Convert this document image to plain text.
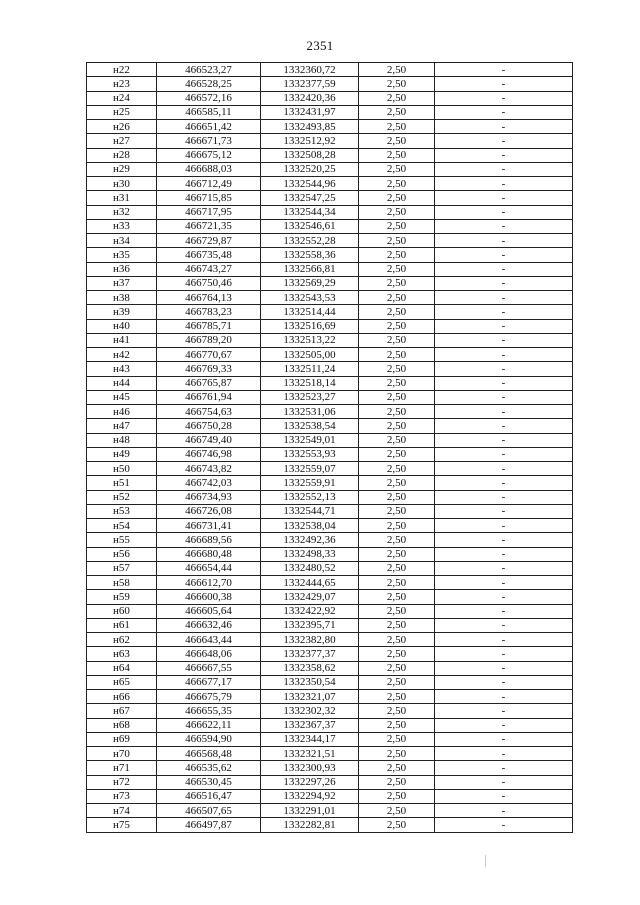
2351
н22	466523,27	1332360,72	2,50	-
н23	466528,25	1332377,59	2,50	-
н24	466572,16	1332420,36	2,50	-
н25	466585,11	1332431,97	2,50	-
н26	466651,42	1332493,85	2,50	-
н27	466671,73	1332512,92	2,50	-
н28	466675,12	1332508,28	2,50	-
н29	466688,03	1332520,25	2,50	-
н30	466712,49	1332544,96	2,50	-
н31	466715,85	1332547,25	2,50	-
н32	466717,95	1332544,34	2,50	-
н33	466721,35	1332546,61	2,50	-
н34	466729,87	1332552,28	2,50	-
н35	466735,48	1332558,36	2,50	-
н36	466743,27	1332566,81	2,50	-
н37	466750,46	1332569,29	2,50	-
н38	466764,13	1332543,53	2,50	-
н39	466783,23	1332514,44	2,50	-
н40	466785,71	1332516,69	2,50	-
н41	466789,20	1332513,22	2,50	-
н42	466770,67	1332505,00	2,50	-
н43	466769,33	1332511,24	2,50	-
н44	466765,87	1332518,14	2,50	-
н45	466761,94	1332523,27	2,50	-
н46	466754,63	1332531,06	2,50	-
н47	466750,28	1332538,54	2,50	-
н48	466749,40	1332549,01	2,50	-
н49	466746,98	1332553,93	2,50	-
н50	466743,82	1332559,07	2,50	-
н51	466742,03	1332559,91	2,50	-
н52	466734,93	1332552,13	2,50	-
н53	466726,08	1332544,71	2,50	-
н54	466731,41	1332538,04	2,50	-
н55	466689,56	1332492,36	2,50	-
н56	466680,48	1332498,33	2,50	-
н57	466654,44	1332480,52	2,50	-
н58	466612,70	1332444,65	2,50	-
н59	466600,38	1332429,07	2,50	-
н60	466605,64	1332422,92	2,50	-
н61	466632,46	1332395,71	2,50	-
н62	466643,44	1332382,80	2,50	-
н63	466648,06	1332377,37	2,50	-
н64	466667,55	1332358,62	2,50	-
н65	466677,17	1332350,54	2,50	-
н66	466675,79	1332321,07	2,50	-
н67	466655,35	1332302,32	2,50	-
н68	466622,11	1332367,37	2,50	-
н69	466594,90	1332344,17	2,50	-
н70	466568,48	1332321,51	2,50	-
н71	466535,62	1332300,93	2,50	-
н72	466530,45	1332297,26	2,50	-
н73	466516,47	1332294,92	2,50	-
н74	466507,65	1332291,01	2,50	-
н75	466497,87	1332282,81	2,50	-
